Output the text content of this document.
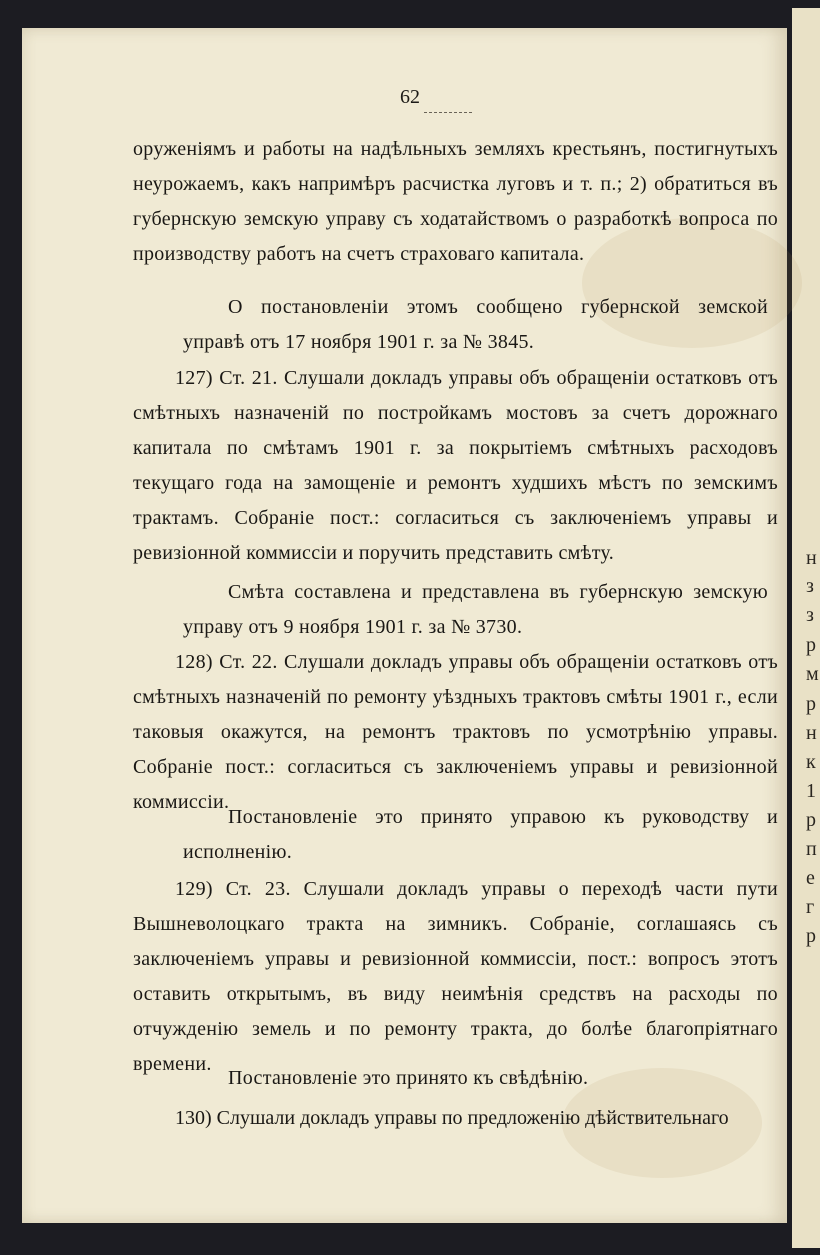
н
з
з
р
м
р
н
к
1
р
п
е
г
р
62

оруженіямъ и работы на надѣльныхъ земляхъ крестьянъ, постигнутыхъ неурожаемъ, какъ напримѣръ расчистка луговъ и т. п.; 2) обратиться въ губернскую земскую управу съ ходатайствомъ о разработкѣ вопроса по производству работъ на счетъ страховаго капитала.

О постановленіи этомъ сообщено губернской земской управѣ отъ 17 ноября 1901 г. за № 3845.

127) Ст. 21. Слушали докладъ управы объ обращеніи остатковъ отъ смѣтныхъ назначеній по постройкамъ мостовъ за счетъ дорожнаго капитала по смѣтамъ 1901 г. за покрытіемъ смѣтныхъ расходовъ текущаго года на замощеніе и ремонтъ худшихъ мѣстъ по земскимъ трактамъ. Собраніе пост.: согласиться съ заключеніемъ управы и ревизіонной коммиссіи и поручить представить смѣту.

Смѣта составлена и представлена въ губернскую земскую управу отъ 9 ноября 1901 г. за № 3730.

128) Ст. 22. Слушали докладъ управы объ обращеніи остатковъ отъ смѣтныхъ назначеній по ремонту уѣздныхъ трактовъ смѣты 1901 г., если таковыя окажутся, на ремонтъ трактовъ по усмотрѣнію управы. Собраніе пост.: согласиться съ заключеніемъ управы и ревизіонной коммиссіи.

Постановленіе это принято управою къ руководству и исполненію.

129) Ст. 23. Слушали докладъ управы о переходѣ части пути Вышневолоцкаго тракта на зимникъ. Собраніе, соглашаясь съ заключеніемъ управы и ревизіонной коммиссіи, пост.: вопросъ этотъ оставить открытымъ, въ виду неимѣнія средствъ на расходы по отчужденію земель и по ремонту тракта, до болѣе благопріятнаго времени.

Постановленіе это принято къ свѣдѣнію.

130) Слушали докладъ управы по предложенію дѣйствительнаго
